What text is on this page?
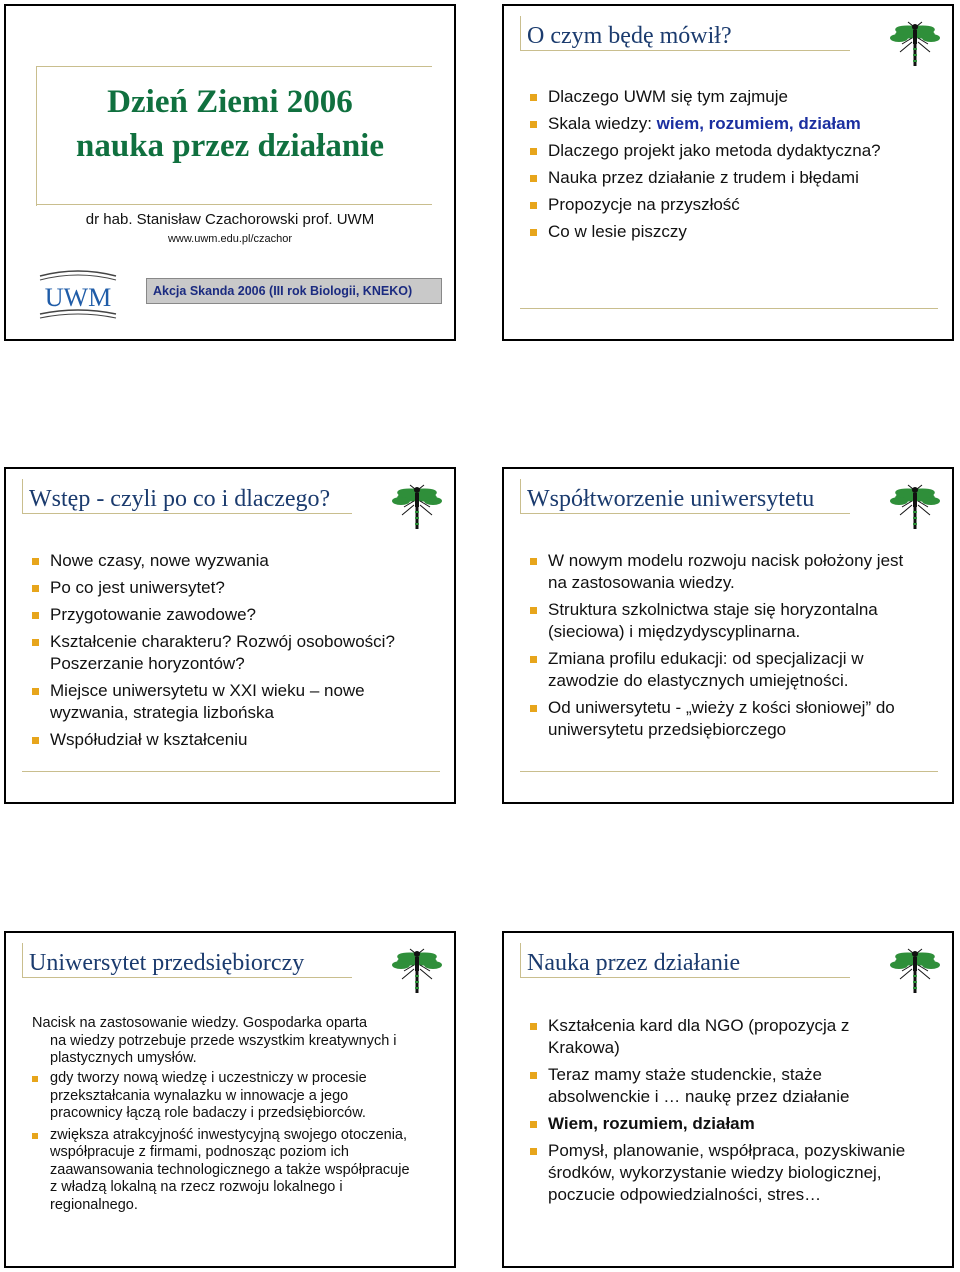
Dzień Ziemi 2006
nauka przez działanie
dr hab. Stanisław Czachorowski prof. UWM
www.uwm.edu.pl/czachor
UWM	Akcja Skanda 2006 (III rok Biologii, KNEKO)
O czym będę mówił?
Dlaczego UWM się tym zajmuje
Skala wiedzy: wiem, rozumiem, działam
Dlaczego projekt jako metoda dydaktyczna?
Nauka przez działanie z trudem i błędami
Propozycje na przyszłość
Co w lesie piszczy
Wstęp - czyli po co i dlaczego?
Nowe czasy, nowe wyzwania
Po co jest uniwersytet?
Przygotowanie zawodowe?
Kształcenie charakteru? Rozwój osobowości? Poszerzanie horyzontów?
Miejsce uniwersytetu w XXI wieku – nowe wyzwania, strategia lizbońska
Współudział w kształceniu
Współtworzenie uniwersytetu
W nowym modelu rozwoju nacisk położony jest na zastosowania wiedzy.
Struktura szkolnictwa staje się horyzontalna (sieciowa) i międzydyscyplinarna.
Zmiana profilu edukacji: od specjalizacji w zawodzie do elastycznych umiejętności.
Od uniwersytetu - „wieży z kości słoniowej” do uniwersytetu przedsiębiorczego
Uniwersytet przedsiębiorczy
Nacisk na zastosowanie wiedzy. Gospodarka oparta
na wiedzy potrzebuje przede wszystkim kreatywnych i plastycznych umysłów.
gdy tworzy nową wiedzę i uczestniczy w procesie przekształcania wynalazku w innowacje a jego pracownicy łączą role badaczy i przedsiębiorców.
zwiększa atrakcyjność inwestycyjną swojego otoczenia, współpracuje z firmami, podnosząc poziom ich zaawansowania technologicznego a także współpracuje z władzą lokalną na rzecz rozwoju lokalnego i regionalnego.
Nauka przez działanie
Kształcenia kard dla NGO (propozycja z Krakowa)
Teraz mamy staże studenckie, staże absolwenckie i … naukę przez działanie
Wiem, rozumiem, działam
Pomysł, planowanie, współpraca, pozyskiwanie środków, wykorzystanie wiedzy biologicznej, poczucie odpowiedzialności, stres…
